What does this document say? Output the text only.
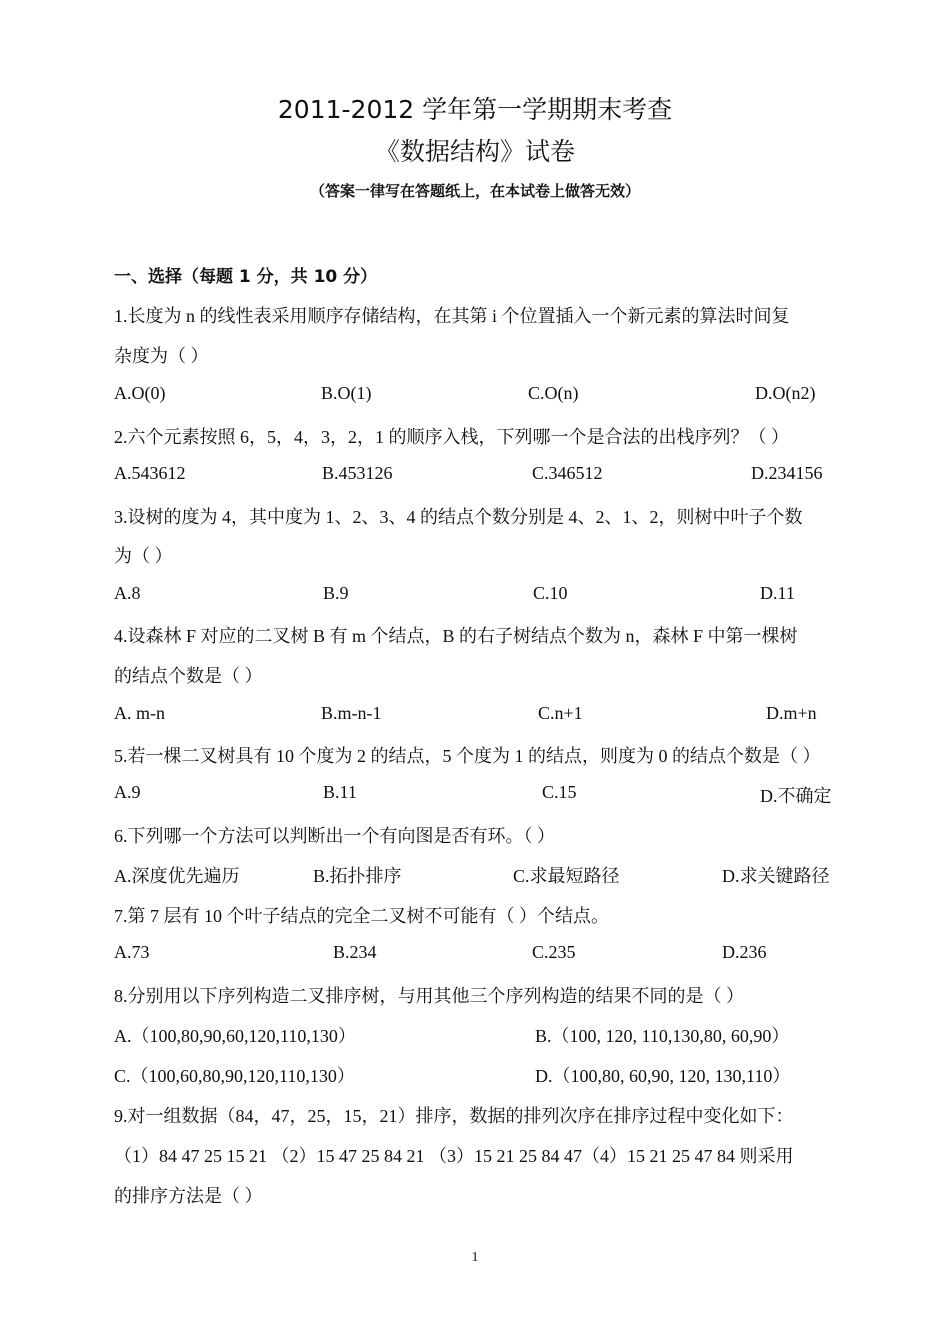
2011-2012 学年第一学期期末考查
《数据结构》试卷
（答案一律写在答题纸上，在本试卷上做答无效）
一、选择（每题 1 分，共 10 分）
1.长度为 n 的线性表采用顺序存储结构，在其第 i 个位置插入一个新元素的算法时间复
杂度为（ ）
A.O(0)	B.O(1)	C.O(n)	D.O(n2)
2.六个元素按照 6，5，4，3，2，1 的顺序入栈，下列哪一个是合法的出栈序列？（ ）
A.543612	B.453126	C.346512	D.234156
3.设树的度为 4，其中度为 1、2、3、4 的结点个数分别是 4、2、1、2，则树中叶子个数
为（ ）
A.8	B.9	C.10	D.11
4.设森林 F 对应的二叉树 B 有 m 个结点，B 的右子树结点个数为 n，森林 F 中第一棵树
的结点个数是（ ）
A. m-n	B.m-n-1	C.n+1	D.m+n
5.若一棵二叉树具有 10 个度为 2 的结点，5 个度为 1 的结点，则度为 0 的结点个数是（ ）
A.9	B.11	C.15	D.不确定
6.下列哪一个方法可以判断出一个有向图是否有环。（ ）
A.深度优先遍历	B.拓扑排序	C.求最短路径	D.求关键路径
7.第 7 层有 10 个叶子结点的完全二叉树不可能有（ ）个结点。
A.73	B.234	C.235	D.236
8.分别用以下序列构造二叉排序树，与用其他三个序列构造的结果不同的是（ ）
A.（100,80,90,60,120,110,130）	B.（100, 120, 110,130,80, 60,90）
C.（100,60,80,90,120,110,130）	D.（100,80, 60,90, 120, 130,110）
9.对一组数据（84，47，25，15，21）排序，数据的排列次序在排序过程中变化如下：
（1）84 47 25 15 21 （2）15 47 25 84 21 （3）15 21 25 84 47（4）15 21 25 47 84 则采用
的排序方法是（ ）
1
